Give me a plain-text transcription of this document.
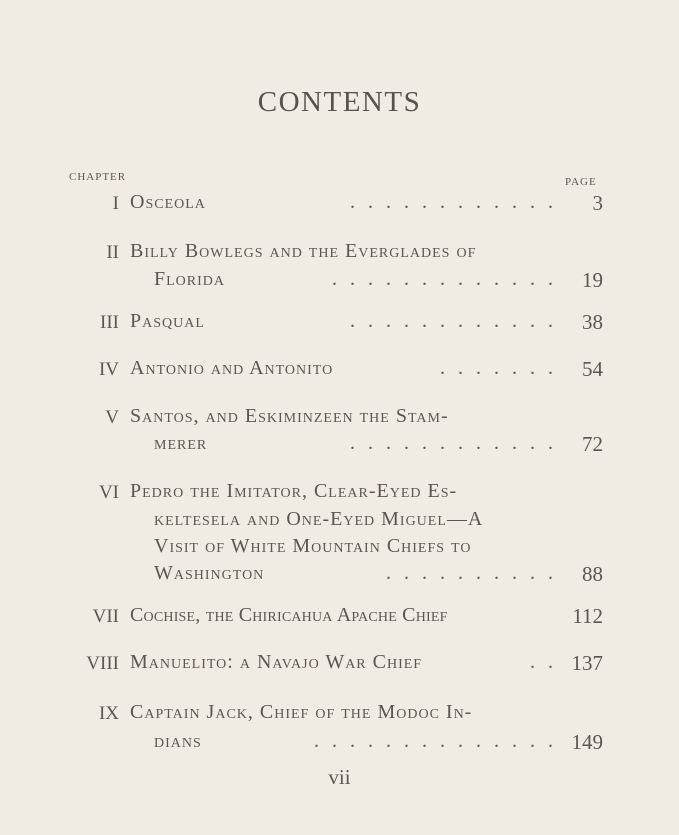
CONTENTS
CHAPTER	PAGE
I Osceola	. . . . . . . . . . . .	3
II Billy Bowlegs and the Everglades of
Florida	. . . . . . . . . . . . .	19
III Pasqual	. . . . . . . . . . . .	38
IV Antonio and Antonito	. . . . . . .	54
V Santos, and Eskiminzeen the Stam-
merer	. . . . . . . . . . . .	72
VI Pedro the Imitator, Clear-Eyed Es-
keltesela and One-Eyed Miguel—A
Visit of White Mountain Chiefs to
Washington	. . . . . . . . . .	88
VII Cochise, the Chiricahua Apache Chief	112
VIII Manuelito: a Navajo War Chief	. . 137
IX Captain Jack, Chief of the Modoc In-
dians	. . . . . . . . . . . . . . 149
vii
